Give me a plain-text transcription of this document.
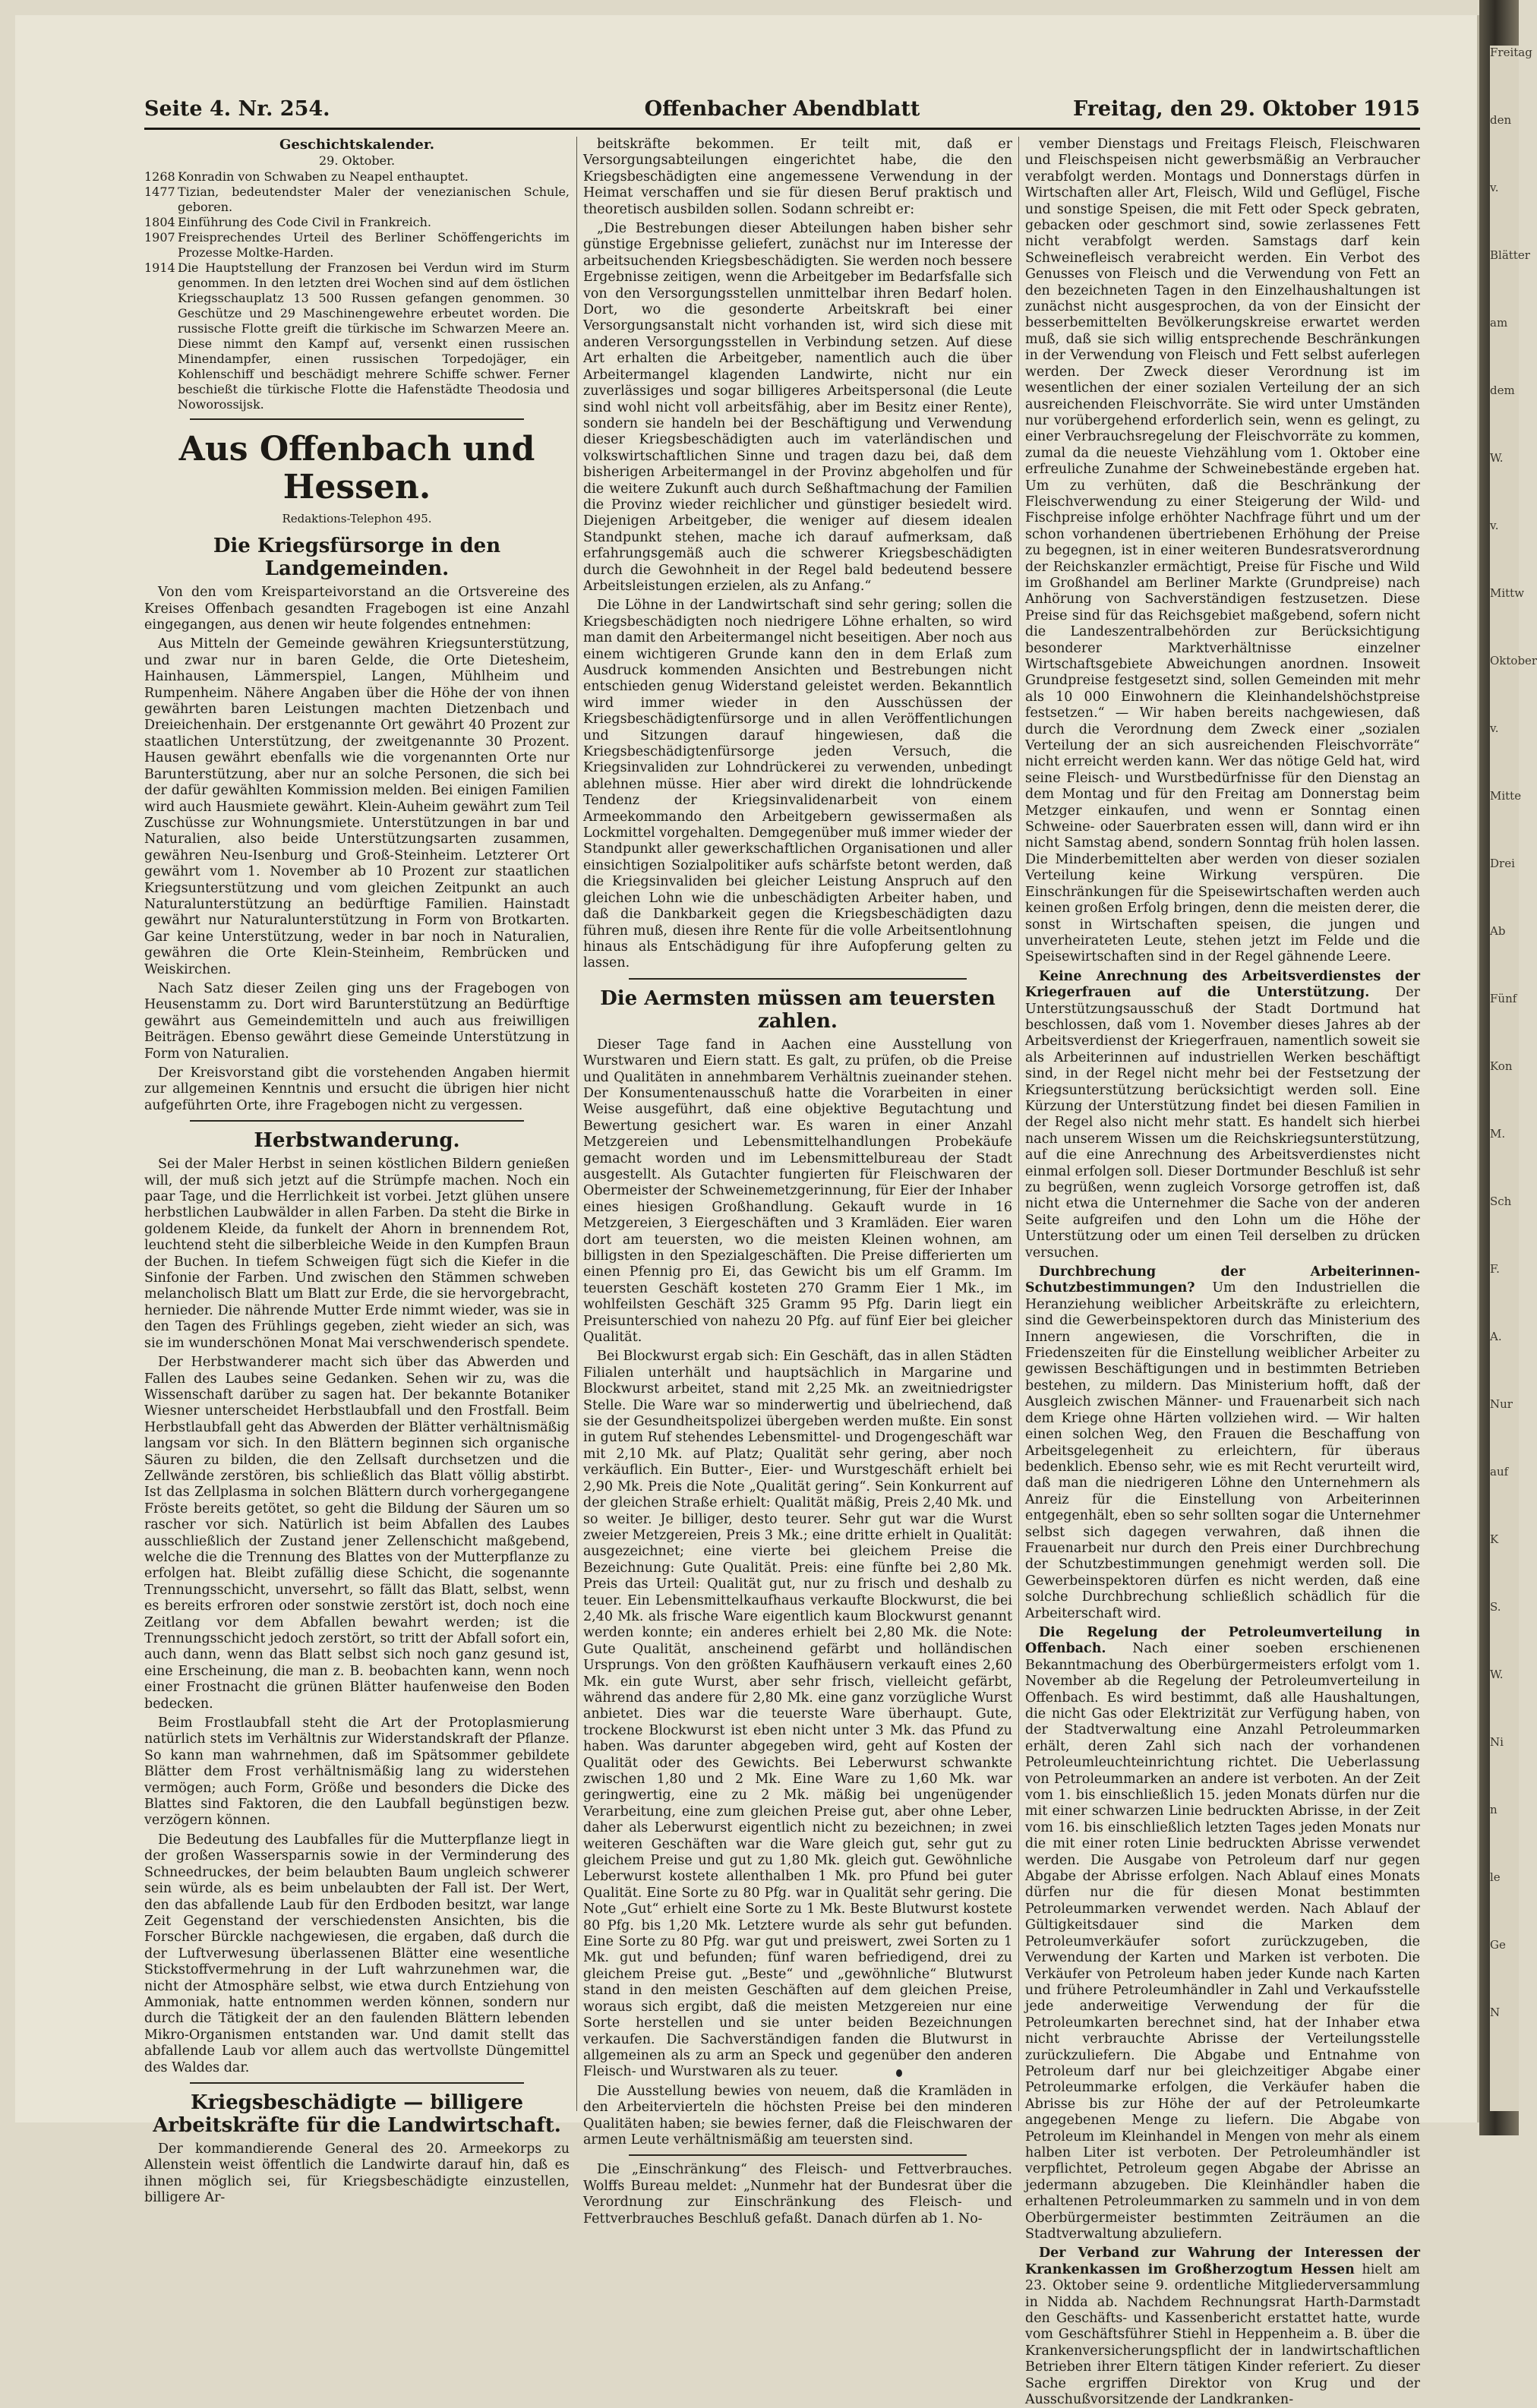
Freitag
den
v.
Blätter
am
dem
W.
v.
Mittw
Oktober
v.
Mitte
Drei
Ab
Fünf
Kon
M.
Sch
F.
A.
Nur
auf
K
S.
W.
Ni
n
le
Ge
N
Offenbacher Abendblatt
Seite 4. Nr. 254.	Freitag, den 29. Oktober 1915
Geschichtskalender.
29. Oktober.
1268 Konradin von Schwaben zu Neapel enthauptet.
1477 Tizian, bedeutendster Maler der venezianischen Schule, geboren.
1804 Einführung des Code Civil in Frankreich.
1907 Freisprechendes Urteil des Berliner Schöffengerichts im Prozesse Moltke-Harden.
1914 Die Hauptstellung der Franzosen bei Verdun wird im Sturm genommen. In den letzten drei Wochen sind auf dem östlichen Kriegsschauplatz 13 500 Russen gefangen genommen. 30 Geschütze und 29 Maschinengewehre erbeutet worden. Die russische Flotte greift die türkische im Schwarzen Meere an. Diese nimmt den Kampf auf, versenkt einen russischen Minendampfer, einen russischen Torpedojäger, ein Kohlenschiff und beschädigt mehrere Schiffe schwer. Ferner beschießt die türkische Flotte die Hafenstädte Theodosia und Noworossijsk.
Aus Offenbach und Hessen.
Redaktions-Telephon 495.
Die Kriegsfürsorge in den Landgemeinden.

Von den vom Kreisparteivorstand an die Ortsvereine des Kreises Offenbach gesandten Fragebogen ist eine Anzahl eingegangen, aus denen wir heute folgendes entnehmen:

Aus Mitteln der Gemeinde gewähren Kriegsunterstützung, und zwar nur in baren Gelde, die Orte Dietesheim, Hainhausen, Lämmerspiel, Langen, Mühlheim und Rumpenheim. Nähere Angaben über die Höhe der von ihnen gewährten baren Leistungen machten Dietzenbach und Dreieichenhain. Der erstgenannte Ort gewährt 40 Prozent zur staatlichen Unterstützung, der zweitgenannte 30 Prozent. Hausen gewährt ebenfalls wie die vorgenannten Orte nur Barunterstützung, aber nur an solche Personen, die sich bei der dafür gewählten Kommission melden. Bei einigen Familien wird auch Hausmiete gewährt. Klein-Auheim gewährt zum Teil Zuschüsse zur Wohnungsmiete. Unterstützungen in bar und Naturalien, also beide Unterstützungsarten zusammen, gewähren Neu-Isenburg und Groß-Steinheim. Letzterer Ort gewährt vom 1. November ab 10 Prozent zur staatlichen Kriegsunterstützung und vom gleichen Zeitpunkt an auch Naturalunterstützung an bedürftige Familien. Hainstadt gewährt nur Naturalunterstützung in Form von Brotkarten. Gar keine Unterstützung, weder in bar noch in Naturalien, gewähren die Orte Klein-Steinheim, Rembrücken und Weiskirchen.

Nach Satz dieser Zeilen ging uns der Fragebogen von Heusenstamm zu. Dort wird Barunterstützung an Bedürftige gewährt aus Gemeindemitteln und auch aus freiwilligen Beiträgen. Ebenso gewährt diese Gemeinde Unterstützung in Form von Naturalien.

Der Kreisvorstand gibt die vorstehenden Angaben hiermit zur allgemeinen Kenntnis und ersucht die übrigen hier nicht aufgeführten Orte, ihre Fragebogen nicht zu vergessen.

Herbstwanderung.

Sei der Maler Herbst in seinen köstlichen Bildern genießen will, der muß sich jetzt auf die Strümpfe machen. Noch ein paar Tage, und die Herrlichkeit ist vorbei. Jetzt glühen unsere herbstlichen Laubwälder in allen Farben. Da steht die Birke in goldenem Kleide, da funkelt der Ahorn in brennendem Rot, leuchtend steht die silberbleiche Weide in den Kumpfen Braun der Buchen. In tiefem Schweigen fügt sich die Kiefer in die Sinfonie der Farben. Und zwischen den Stämmen schweben melancholisch Blatt um Blatt zur Erde, die sie hervorgebracht, hernieder. Die nährende Mutter Erde nimmt wieder, was sie in den Tagen des Frühlings gegeben, zieht wieder an sich, was sie im wunderschönen Monat Mai verschwenderisch spendete.

Der Herbstwanderer macht sich über das Abwerden und Fallen des Laubes seine Gedanken. Sehen wir zu, was die Wissenschaft darüber zu sagen hat. Der bekannte Botaniker Wiesner unterscheidet Herbstlaubfall und den Frostfall. Beim Herbstlaubfall geht das Abwerden der Blätter verhältnismäßig langsam vor sich. In den Blättern beginnen sich organische Säuren zu bilden, die den Zellsaft durchsetzen und die Zellwände zerstören, bis schließlich das Blatt völlig abstirbt. Ist das Zellplasma in solchen Blättern durch vorhergegangene Fröste bereits getötet, so geht die Bildung der Säuren um so rascher vor sich. Natürlich ist beim Abfallen des Laubes ausschließlich der Zustand jener Zellenschicht maßgebend, welche die die Trennung des Blattes von der Mutterpflanze zu erfolgen hat. Bleibt zufällig diese Schicht, die sogenannte Trennungsschicht, unversehrt, so fällt das Blatt, selbst, wenn es bereits erfroren oder sonstwie zerstört ist, doch noch eine Zeitlang vor dem Abfallen bewahrt werden; ist die Trennungsschicht jedoch zerstört, so tritt der Abfall sofort ein, auch dann, wenn das Blatt selbst sich noch ganz gesund ist, eine Erscheinung, die man z. B. beobachten kann, wenn noch einer Frostnacht die grünen Blätter haufenweise den Boden bedecken.

Beim Frostlaubfall steht die Art der Protoplasmierung natürlich stets im Verhältnis zur Widerstandskraft der Pflanze. So kann man wahrnehmen, daß im Spätsommer gebildete Blätter dem Frost verhältnismäßig lang zu widerstehen vermögen; auch Form, Größe und besonders die Dicke des Blattes sind Faktoren, die den Laubfall begünstigen bezw. verzögern können.

Die Bedeutung des Laubfalles für die Mutterpflanze liegt in der großen Wassersparnis sowie in der Verminderung des Schneedruckes, der beim belaubten Baum ungleich schwerer sein würde, als es beim unbelaubten der Fall ist. Der Wert, den das abfallende Laub für den Erdboden besitzt, war lange Zeit Gegenstand der verschiedensten Ansichten, bis die Forscher Bürckle nachgewiesen, die ergaben, daß durch die der Luftverwesung überlassenen Blätter eine wesentliche Stickstoffvermehrung in der Luft wahrzunehmen war, die nicht der Atmosphäre selbst, wie etwa durch Entziehung von Ammoniak, hatte entnommen werden können, sondern nur durch die Tätigkeit der an den faulenden Blättern lebenden Mikro-Organismen entstanden war. Und damit stellt das abfallende Laub vor allem auch das wertvollste Düngemittel des Waldes dar.

Kriegsbeschädigte — billigere Arbeitskräfte für die Landwirtschaft.

Der kommandierende General des 20. Armeekorps zu Allenstein weist öffentlich die Landwirte darauf hin, daß es ihnen möglich sei, für Kriegsbeschädigte einzustellen, billigere Ar-

beitskräfte bekommen. Er teilt mit, daß er Versorgungsabteilungen eingerichtet habe, die den Kriegsbeschädigten eine angemessene Verwendung in der Heimat verschaffen und sie für diesen Beruf praktisch und theoretisch ausbilden sollen. Sodann schreibt er:

„Die Bestrebungen dieser Abteilungen haben bisher sehr günstige Ergebnisse geliefert, zunächst nur im Interesse der arbeitsuchenden Kriegsbeschädigten. Sie werden noch bessere Ergebnisse zeitigen, wenn die Arbeitgeber im Bedarfsfalle sich von den Versorgungsstellen unmittelbar ihren Bedarf holen. Dort, wo die gesonderte Arbeitskraft bei einer Versorgungsanstalt nicht vorhanden ist, wird sich diese mit anderen Versorgungsstellen in Verbindung setzen. Auf diese Art erhalten die Arbeitgeber, namentlich auch die über Arbeitermangel klagenden Landwirte, nicht nur ein zuverlässiges und sogar billigeres Arbeitspersonal (die Leute sind wohl nicht voll arbeitsfähig, aber im Besitz einer Rente), sondern sie handeln bei der Beschäftigung und Verwendung dieser Kriegsbeschädigten auch im vaterländischen und volkswirtschaftlichen Sinne und tragen dazu bei, daß dem bisherigen Arbeitermangel in der Provinz abgeholfen und für die weitere Zukunft auch durch Seßhaftmachung der Familien die Provinz wieder reichlicher und günstiger besiedelt wird. Diejenigen Arbeitgeber, die weniger auf diesem idealen Standpunkt stehen, mache ich darauf aufmerksam, daß erfahrungsgemäß auch die schwerer Kriegsbeschädigten durch die Gewohnheit in der Regel bald bedeutend bessere Arbeitsleistungen erzielen, als zu Anfang.“

Die Löhne in der Landwirtschaft sind sehr gering; sollen die Kriegsbeschädigten noch niedrigere Löhne erhalten, so wird man damit den Arbeitermangel nicht beseitigen. Aber noch aus einem wichtigeren Grunde kann den in dem Erlaß zum Ausdruck kommenden Ansichten und Bestrebungen nicht entschieden genug Widerstand geleistet werden. Bekanntlich wird immer wieder in den Ausschüssen der Kriegsbeschädigtenfürsorge und in allen Veröffentlichungen und Sitzungen darauf hingewiesen, daß die Kriegsbeschädigtenfürsorge jeden Versuch, die Kriegsinvaliden zur Lohndrückerei zu verwenden, unbedingt ablehnen müsse. Hier aber wird direkt die lohndrückende Tendenz der Kriegsinvalidenarbeit von einem Armeekommando den Arbeitgebern gewissermaßen als Lockmittel vorgehalten. Demgegenüber muß immer wieder der Standpunkt aller gewerkschaftlichen Organisationen und aller einsichtigen Sozialpolitiker aufs schärfste betont werden, daß die Kriegsinvaliden bei gleicher Leistung Anspruch auf den gleichen Lohn wie die unbeschädigten Arbeiter haben, und daß die Dankbarkeit gegen die Kriegsbeschädigten dazu führen muß, diesen ihre Rente für die volle Arbeitsentlohnung hinaus als Entschädigung für ihre Aufopferung gelten zu lassen.

Die Aermsten müssen am teuersten zahlen.

Dieser Tage fand in Aachen eine Ausstellung von Wurstwaren und Eiern statt. Es galt, zu prüfen, ob die Preise und Qualitäten in annehmbarem Verhältnis zueinander stehen. Der Konsumentenausschuß hatte die Vorarbeiten in einer Weise ausgeführt, daß eine objektive Begutachtung und Bewertung gesichert war. Es waren in einer Anzahl Metzgereien und Lebensmittelhandlungen Probekäufe gemacht worden und im Lebensmittelbureau der Stadt ausgestellt. Als Gutachter fungierten für Fleischwaren der Obermeister der Schweinemetzgerinnung, für Eier der Inhaber eines hiesigen Großhandlung. Gekauft wurde in 16 Metzgereien, 3 Eiergeschäften und 3 Kramläden. Eier waren dort am teuersten, wo die meisten Kleinen wohnen, am billigsten in den Spezialgeschäften. Die Preise differierten um einen Pfennig pro Ei, das Gewicht bis um elf Gramm. Im teuersten Geschäft kosteten 270 Gramm Eier 1 Mk., im wohlfeilsten Geschäft 325 Gramm 95 Pfg. Darin liegt ein Preisunterschied von nahezu 20 Pfg. auf fünf Eier bei gleicher Qualität.

Bei Blockwurst ergab sich: Ein Geschäft, das in allen Städten Filialen unterhält und hauptsächlich in Margarine und Blockwurst arbeitet, stand mit 2,25 Mk. an zweitniedrigster Stelle. Die Ware war so minderwertig und übelriechend, daß sie der Gesundheitspolizei übergeben werden mußte. Ein sonst in gutem Ruf stehendes Lebensmittel- und Drogengeschäft war mit 2,10 Mk. auf Platz; Qualität sehr gering, aber noch verkäuflich. Ein Butter-, Eier- und Wurstgeschäft erhielt bei 2,90 Mk. Preis die Note „Qualität gering“. Sein Konkurrent auf der gleichen Straße erhielt: Qualität mäßig, Preis 2,40 Mk. und so weiter. Je billiger, desto teurer. Sehr gut war die Wurst zweier Metzgereien, Preis 3 Mk.; eine dritte erhielt in Qualität: ausgezeichnet; eine vierte bei gleichem Preise die Bezeichnung: Gute Qualität. Preis: eine fünfte bei 2,80 Mk. Preis das Urteil: Qualität gut, nur zu frisch und deshalb zu teuer. Ein Lebensmittelkaufhaus verkaufte Blockwurst, die bei 2,40 Mk. als frische Ware eigentlich kaum Blockwurst genannt werden konnte; ein anderes erhielt bei 2,80 Mk. die Note: Gute Qualität, anscheinend gefärbt und holländischen Ursprungs. Von den größten Kaufhäusern verkauft eines 2,60 Mk. ein gute Wurst, aber sehr frisch, vielleicht gefärbt, während das andere für 2,80 Mk. eine ganz vorzügliche Wurst anbietet. Dies war die teuerste Ware überhaupt. Gute, trockene Blockwurst ist eben nicht unter 3 Mk. das Pfund zu haben. Was darunter abgegeben wird, geht auf Kosten der Qualität oder des Gewichts. Bei Leberwurst schwankte zwischen 1,80 und 2 Mk. Eine Ware zu 1,60 Mk. war geringwertig, eine zu 2 Mk. mäßig bei ungenügender Verarbeitung, eine zum gleichen Preise gut, aber ohne Leber, daher als Leberwurst eigentlich nicht zu bezeichnen; in zwei weiteren Geschäften war die Ware gleich gut, sehr gut zu gleichem Preise und gut zu 1,80 Mk. gleich gut. Gewöhnliche Leberwurst kostete allenthalben 1 Mk. pro Pfund bei guter Qualität. Eine Sorte zu 80 Pfg. war in Qualität sehr gering. Die Note „Gut“ erhielt eine Sorte zu 1 Mk. Beste Blutwurst kostete 80 Pfg. bis 1,20 Mk. Letztere wurde als sehr gut befunden. Eine Sorte zu 80 Pfg. war gut und preiswert, zwei Sorten zu 1 Mk. gut und befunden; fünf waren befriedigend, drei zu gleichem Preise gut. „Beste“ und „gewöhnliche“ Blutwurst stand in den meisten Geschäften auf dem gleichen Preise, woraus sich ergibt, daß die meisten Metzgereien nur eine Sorte herstellen und sie unter beiden Bezeichnungen verkaufen. Die Sachverständigen fanden die Blutwurst in allgemeinen als zu arm an Speck und gegenüber den anderen Fleisch- und Wurstwaren als zu teuer.

Die Ausstellung bewies von neuem, daß die Kramläden in den Arbeitervierteln die höchsten Preise bei den minderen Qualitäten haben; sie bewies ferner, daß die Fleischwaren der armen Leute verhältnismäßig am teuersten sind.

Die „Einschränkung“ des Fleisch- und Fettverbrauches. Wolffs Bureau meldet: „Nunmehr hat der Bundesrat über die Verordnung zur Einschränkung des Fleisch- und Fettverbrauches Beschluß gefaßt. Danach dürfen ab 1. No-

vember Dienstags und Freitags Fleisch, Fleischwaren und Fleischspeisen nicht gewerbsmäßig an Verbraucher verabfolgt werden. Montags und Donnerstags dürfen in Wirtschaften aller Art, Fleisch, Wild und Geflügel, Fische und sonstige Speisen, die mit Fett oder Speck gebraten, gebacken oder geschmort sind, sowie zerlassenes Fett nicht verabfolgt werden. Samstags darf kein Schweinefleisch verabreicht werden. Ein Verbot des Genusses von Fleisch und die Verwendung von Fett an den bezeichneten Tagen in den Einzelhaushaltungen ist zunächst nicht ausgesprochen, da von der Einsicht der besserbemittelten Bevölkerungskreise erwartet werden muß, daß sie sich willig entsprechende Beschränkungen in der Verwendung von Fleisch und Fett selbst auferlegen werden. Der Zweck dieser Verordnung ist im wesentlichen der einer sozialen Verteilung der an sich ausreichenden Fleischvorräte. Sie wird unter Umständen nur vorübergehend erforderlich sein, wenn es gelingt, zu einer Verbrauchsregelung der Fleischvorräte zu kommen, zumal da die neueste Viehzählung vom 1. Oktober eine erfreuliche Zunahme der Schweinebestände ergeben hat. Um zu verhüten, daß die Beschränkung der Fleischverwendung zu einer Steigerung der Wild- und Fischpreise infolge erhöhter Nachfrage führt und um der schon vorhandenen übertriebenen Erhöhung der Preise zu begegnen, ist in einer weiteren Bundesratsverordnung der Reichskanzler ermächtigt, Preise für Fische und Wild im Großhandel am Berliner Markte (Grundpreise) nach Anhörung von Sachverständigen festzusetzen. Diese Preise sind für das Reichsgebiet maßgebend, sofern nicht die Landeszentralbehörden zur Berücksichtigung besonderer Marktverhältnisse einzelner Wirtschaftsgebiete Abweichungen anordnen. Insoweit Grundpreise festgesetzt sind, sollen Gemeinden mit mehr als 10 000 Einwohnern die Kleinhandelshöchstpreise festsetzen.“ — Wir haben bereits nachgewiesen, daß durch die Verordnung dem Zweck einer „sozialen Verteilung der an sich ausreichenden Fleischvorräte“ nicht erreicht werden kann. Wer das nötige Geld hat, wird seine Fleisch- und Wurstbedürfnisse für den Dienstag an dem Montag und für den Freitag am Donnerstag beim Metzger einkaufen, und wenn er Sonntag einen Schweine- oder Sauerbraten essen will, dann wird er ihn nicht Samstag abend, sondern Sonntag früh holen lassen. Die Minderbemittelten aber werden von dieser sozialen Verteilung keine Wirkung verspüren. Die Einschränkungen für die Speisewirtschaften werden auch keinen großen Erfolg bringen, denn die meisten derer, die sonst in Wirtschaften speisen, die jungen und unverheirateten Leute, stehen jetzt im Felde und die Speisewirtschaften sind in der Regel gähnende Leere.

Keine Anrechnung des Arbeitsverdienstes der Kriegerfrauen auf die Unterstützung. Der Unterstützungsausschuß der Stadt Dortmund hat beschlossen, daß vom 1. November dieses Jahres ab der Arbeitsverdienst der Kriegerfrauen, namentlich soweit sie als Arbeiterinnen auf industriellen Werken beschäftigt sind, in der Regel nicht mehr bei der Festsetzung der Kriegsunterstützung berücksichtigt werden soll. Eine Kürzung der Unterstützung findet bei diesen Familien in der Regel also nicht mehr statt. Es handelt sich hierbei nach unserem Wissen um die Reichskriegsunterstützung, auf die eine Anrechnung des Arbeitsverdienstes nicht einmal erfolgen soll. Dieser Dortmunder Beschluß ist sehr zu begrüßen, wenn zugleich Vorsorge getroffen ist, daß nicht etwa die Unternehmer die Sache von der anderen Seite aufgreifen und den Lohn um die Höhe der Unterstützung oder um einen Teil derselben zu drücken versuchen.

Durchbrechung der Arbeiterinnen-Schutzbestimmungen? Um den Industriellen die Heranziehung weiblicher Arbeitskräfte zu erleichtern, sind die Gewerbeinspektoren durch das Ministerium des Innern angewiesen, die Vorschriften, die in Friedenszeiten für die Einstellung weiblicher Arbeiter zu gewissen Beschäftigungen und in bestimmten Betrieben bestehen, zu mildern. Das Ministerium hofft, daß der Ausgleich zwischen Männer- und Frauenarbeit sich nach dem Kriege ohne Härten vollziehen wird. — Wir halten einen solchen Weg, den Frauen die Beschaffung von Arbeitsgelegenheit zu erleichtern, für überaus bedenklich. Ebenso sehr, wie es mit Recht verurteilt wird, daß man die niedrigeren Löhne den Unternehmern als Anreiz für die Einstellung von Arbeiterinnen entgegenhält, eben so sehr sollten sogar die Unternehmer selbst sich dagegen verwahren, daß ihnen die Frauenarbeit nur durch den Preis einer Durchbrechung der Schutzbestimmungen genehmigt werden soll. Die Gewerbeinspektoren dürfen es nicht werden, daß eine solche Durchbrechung schließlich schädlich für die Arbeiterschaft wird.

Die Regelung der Petroleumverteilung in Offenbach. Nach einer soeben erschienenen Bekanntmachung des Oberbürgermeisters erfolgt vom 1. November ab die Regelung der Petroleumverteilung in Offenbach. Es wird bestimmt, daß alle Haushaltungen, die nicht Gas oder Elektrizität zur Verfügung haben, von der Stadtverwaltung eine Anzahl Petroleummarken erhält, deren Zahl sich nach der vorhandenen Petroleumleuchteinrichtung richtet. Die Ueberlassung von Petroleummarken an andere ist verboten. An der Zeit vom 1. bis einschließlich 15. jeden Monats dürfen nur die mit einer schwarzen Linie bedruckten Abrisse, in der Zeit vom 16. bis einschließlich letzten Tages jeden Monats nur die mit einer roten Linie bedruckten Abrisse verwendet werden. Die Ausgabe von Petroleum darf nur gegen Abgabe der Abrisse erfolgen. Nach Ablauf eines Monats dürfen nur die für diesen Monat bestimmten Petroleummarken verwendet werden. Nach Ablauf der Gültigkeitsdauer sind die Marken dem Petroleumverkäufer sofort zurückzugeben, die Verwendung der Karten und Marken ist verboten. Die Verkäufer von Petroleum haben jeder Kunde nach Karten und frühere Petroleumhändler in Zahl und Verkaufsstelle jede anderweitige Verwendung der für die Petroleumkarten berechnet sind, hat der Inhaber etwa nicht verbrauchte Abrisse der Verteilungsstelle zurückzuliefern. Die Abgabe und Entnahme von Petroleum darf nur bei gleichzeitiger Abgabe einer Petroleummarke erfolgen, die Verkäufer haben die Abrisse bis zur Höhe der auf der Petroleumkarte angegebenen Menge zu liefern. Die Abgabe von Petroleum im Kleinhandel in Mengen von mehr als einem halben Liter ist verboten. Der Petroleumhändler ist verpflichtet, Petroleum gegen Abgabe der Abrisse an jedermann abzugeben. Die Kleinhändler haben die erhaltenen Petroleummarken zu sammeln und in von dem Oberbürgermeister bestimmten Zeiträumen an die Stadtverwaltung abzuliefern.

Der Verband zur Wahrung der Interessen der Krankenkassen im Großherzogtum Hessen hielt am 23. Oktober seine 9. ordentliche Mitgliederversammlung in Nidda ab. Nachdem Rechnungsrat Harth-Darmstadt den Geschäfts- und Kassenbericht erstattet hatte, wurde vom Geschäftsführer Stiehl in Heppenheim a. B. über die Krankenversicherungspflicht der in landwirtschaftlichen Betrieben ihrer Eltern tätigen Kinder referiert. Zu dieser Sache ergriffen Direktor von Krug und der Ausschußvorsitzende der Landkranken-
